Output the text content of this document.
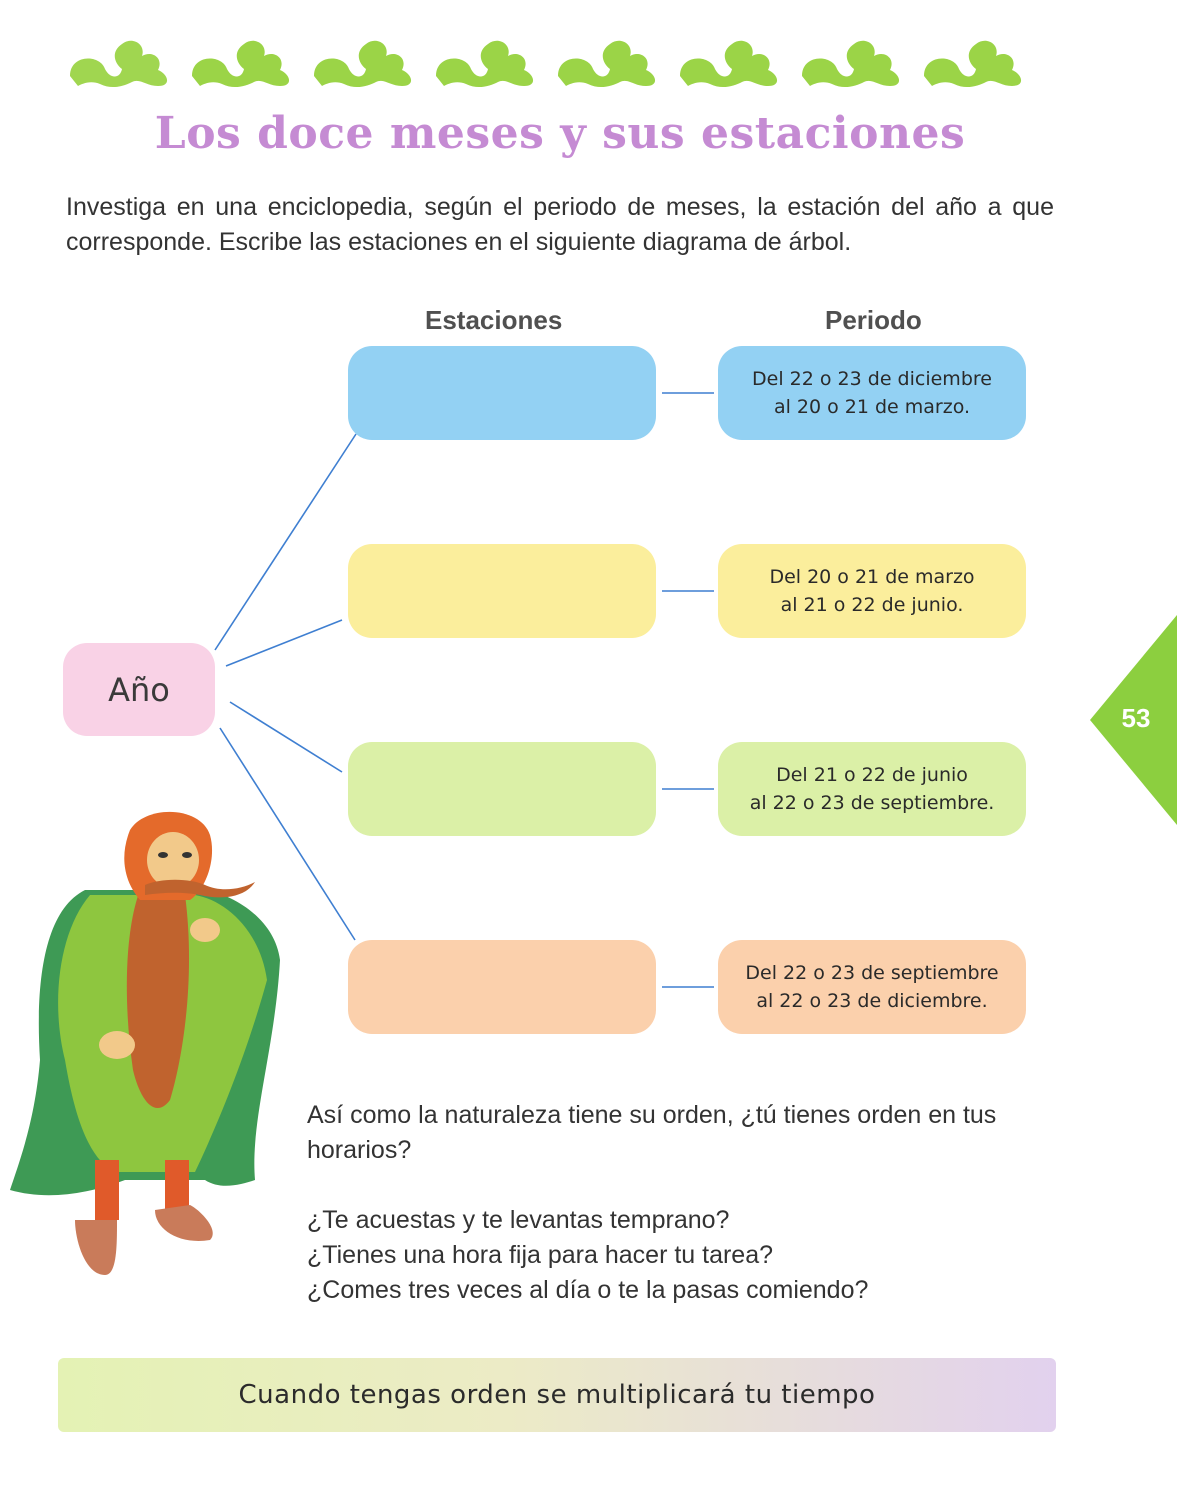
Los doce meses y sus estaciones
Investiga en una enciclopedia, según el periodo de meses, la estación del año a que corresponde. Escribe las estaciones en el siguiente diagrama de árbol.
Estaciones	Periodo
Año
Del 22 o 23 de diciembre
al 20 o 21 de marzo.
Del 20 o 21 de marzo
al 21 o 22 de junio.
Del 21 o 22 de junio
al 22 o 23 de septiembre.
Del 22 o 23 de septiembre
al 22 o 23 de diciembre.
53

Así como la naturaleza tiene su orden, ¿tú tienes orden en tus horarios?

¿Te acuestas y te levantas temprano?

¿Tienes una hora fija para hacer tu tarea?

¿Comes tres veces al día o te la pasas comiendo?

Cuando tengas orden se multiplicará tu tiempo
